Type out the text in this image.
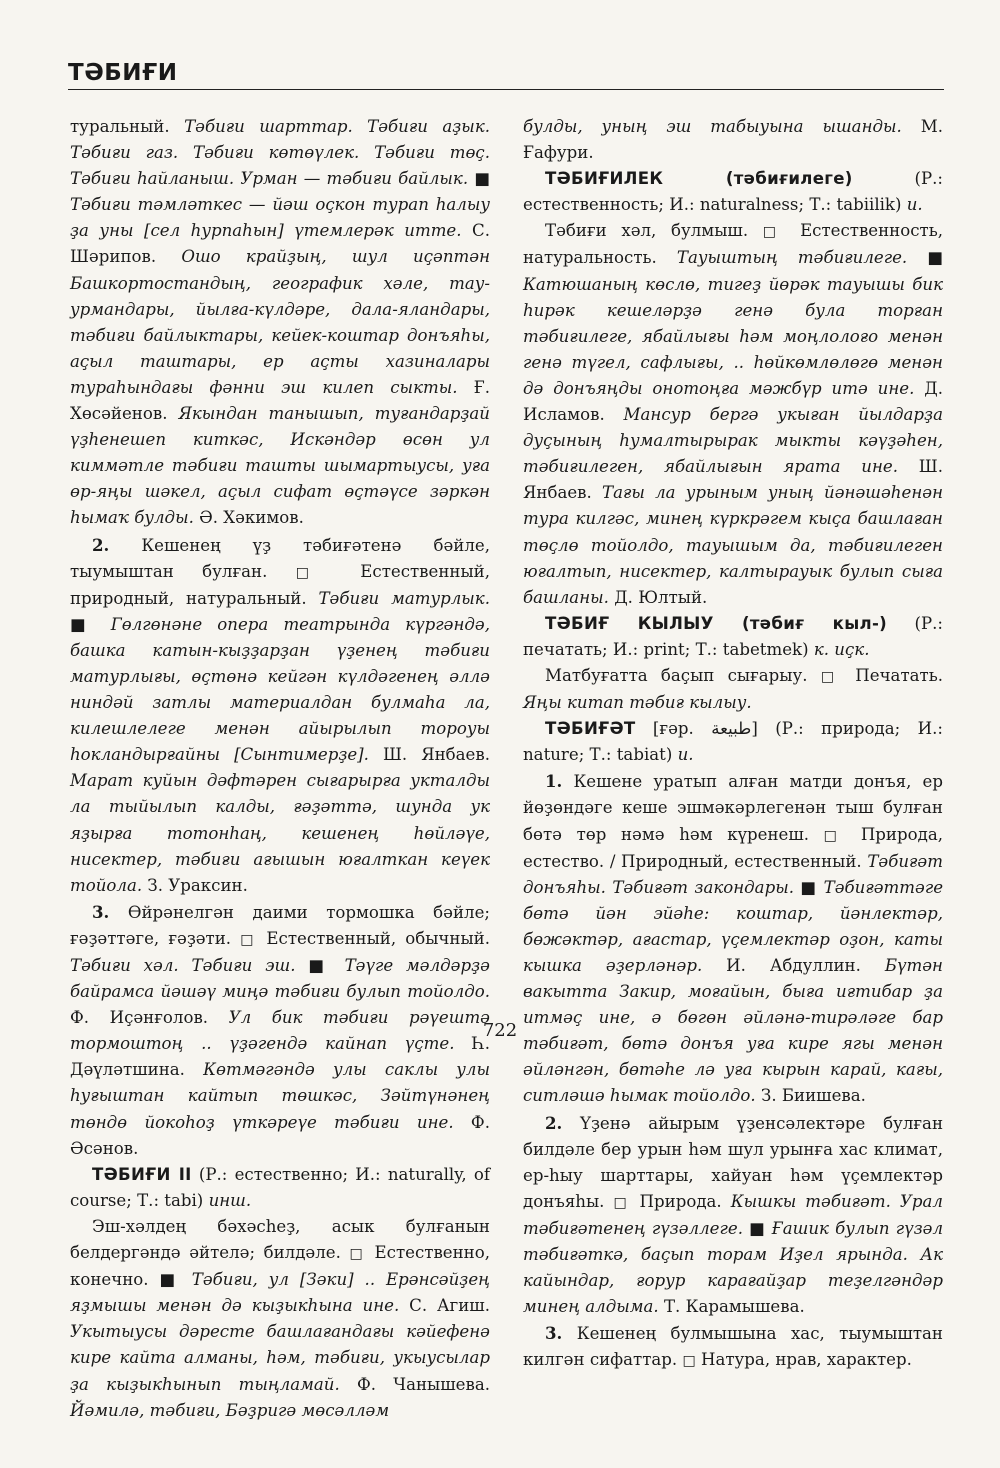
ТӘБИҒИ

туральный. Тәбиғи шарттар. Тәбиғи аҙык. Тәбиғи газ. Тәбиғи көтөүлек. Тәбиғи төҫ. Тәбиғи һайланыш. Урман — тәбиғи байлык. ■ Тәбиғи тәмләткес — йәш оҫкон турап һалыу ҙа уны [сел һурпаһын] үтемлерәк итте. С. Шәрипов. Ошо крайҙың, шул иҫәптән Башкортостандың, географик хәле, тау-урмандары, йылға-күлдәре, дала-яландары, тәбиғи байлыктары, кейек-коштар донъяһы, аҫыл таштары, ер аҫты хазиналары тураһындағы фәнни эш килеп сыкты. Ғ. Хөсәйенов. Якындан танышып, туғандарҙай үҙһенешеп киткәс, Искәндәр өсөн ул киммәтле тәбиғи ташты шымартыусы, уға өр-яңы шәкел, аҫыл сифат өҫтәүсе зәркән һымаҡ булды. Ә. Хәкимов.

2. Кешенең үҙ тәбиғәтенә бәйле, тыумыштан булған. □ Естественный, природный, натуральный. Тәбиғи матурлык. ■ Гөлгөнәне опера театрында күргәндә, башка катын-кыҙҙарҙан үҙенең тәбиғи матурлығы, өҫтөнә кейгән күлдәгенең әллә ниндәй затлы материалдан булмаһа ла, килешлелеге менән айырылып тороуы һокландырғайны [Сынтимерҙе]. Ш. Янбаев. Марат куйын дәфтәрен сығарырға укталды ла тыйылып калды, ғәҙәттә, шунда ук яҙырға тотонһаң, кешенең һөйләүе, нисектер, тәбиғи ағышын юғалткан кеүек тойола. З. Ураксин.

3. Өйрәнелгән даими тормошка бәйле; ғәҙәттәге, ғәҙәти. □ Естественный, обычный. Тәбиғи хәл. Тәбиғи эш. ■ Тәүге мәлдәрҙә байрамса йәшәү миңә тәбиғи булып тойолдо. Ф. Иҫәнғолов. Ул бик тәбиғи рәүештә тормоштоң .. үҙәгендә кайнап үҫте. Һ. Дәүләтшина. Көтмәгәндә улы саклы улы һуғыштан кайтып төшкәс, Зәйтүнәнең төндө йокоһоҙ үткәреүе тәбиғи ине. Ф. Әсәнов.

ТӘБИҒИ II (Р.: естественно; И.: naturally, of course; Т.: tabi) инш.

Эш-хәлдең бәхәсһеҙ, асык булғанын белдергәндә әйтелә; билдәле. □ Естественно, конечно. ■ Тәбиғи, ул [Зәки] .. Ерәнсәйҙең яҙмышы менән дә кыҙыкһына ине. С. Агиш. Укытыусы дәресте башлағандағы кәйефенә кире кайта алманы, һәм, тәбиғи, укыусылар ҙа кыҙыкһынып тыңламай. Ф. Чанышева. Йәмилә, тәбиғи, Бәҙригә мөсәлләм

булды, уның эш табыуына ышанды. М. Ғафури.

ТӘБИҒИЛЕК (тәбиғилеге) (Р.: естественность; И.: naturalness; Т.: tabiilik) и.

Тәбиғи хәл, булмыш. □ Естественность, натуральность. Тауыштың тәбиғилеге. ■ Катюшаның көслө, тигеҙ йөрәк тауышы бик һирәк кешеләрҙә генә була торған тәбиғилеге, ябайлығы һәм моңлолоғо менән генә түгел, сафлығы, .. һөйкөмлөлөгө менән дә донъяңды онотоңға мәжбүр итә ине. Д. Исламов. Мансур бергә укыған йылдарҙа дуҫының һумалтырырак мыкты кәүҙәһен, тәбиғилеген, ябайлығын ярата ине. Ш. Янбаев. Тағы ла урыным уның йәнәшәһенән тура килгәс, минең күркрәгем кыҫа башлаған төҫлө тойолдо, тауышым да, тәбиғилеген юғалтып, нисектер, калтырауык булып сыға башланы. Д. Юлтый.

ТӘБИҒ КЫЛЫУ (тәбиғ кыл-) (Р.: печатать; И.: print; Т.: tabetmek) к. иҫк.

Матбуғатта баҫып сығарыу. □ Печатать. Яңы китап тәбиғ кылыу.

ТӘБИҒӘТ [ғәр. طبيعة] (Р.: природа; И.: nature; Т.: tabiat) и.

1. Кешене уратып алған матди донъя, ер йөҙөндәге кеше эшмәкәрлегенән тыш булған бөтә төр нәмә һәм күренеш. □ Природа, естество. / Природный, естественный. Тәбиғәт донъяһы. Тәбиғәт закондары. ■ Тәбиғәттәге бөтә йән эйәһе: коштар, йәнлектәр, бөжәктәр, ағастар, үҫемлектәр оҙон, каты кышка әҙерләнәр. И. Абдуллин. Бүтән вакытта Закир, моғайын, быға иғтибар ҙа итмәҫ ине, ә бөгөн әйләнә-тирәләге бар тәбиғәт, бөтә донъя уға кире ягы менән әйләнгән, бөтәһе лә уға кырын карай, кағы, ситләшә һымак тойолдо. З. Биишева.

2. Үҙенә айырым үҙенсәлектәре булған билдәле бер урын һәм шул урынға хас климат, ер-һыу шарттары, хайуан һәм үҫемлектәр донъяһы. □ Природа. Кышкы тәбиғәт. Урал тәбиғәтенең гүзәллеге. ■ Ғашик булып гүзәл тәбиғәткә, баҫып торам Иҙел ярында. Ак кайындар, ғорур карағайҙар теҙелгәндәр минең алдыма. Т. Карамышева.

3. Кешенең булмышына хас, тыумыштан килгән сифаттар. □ Натура, нрав, характер.

722
